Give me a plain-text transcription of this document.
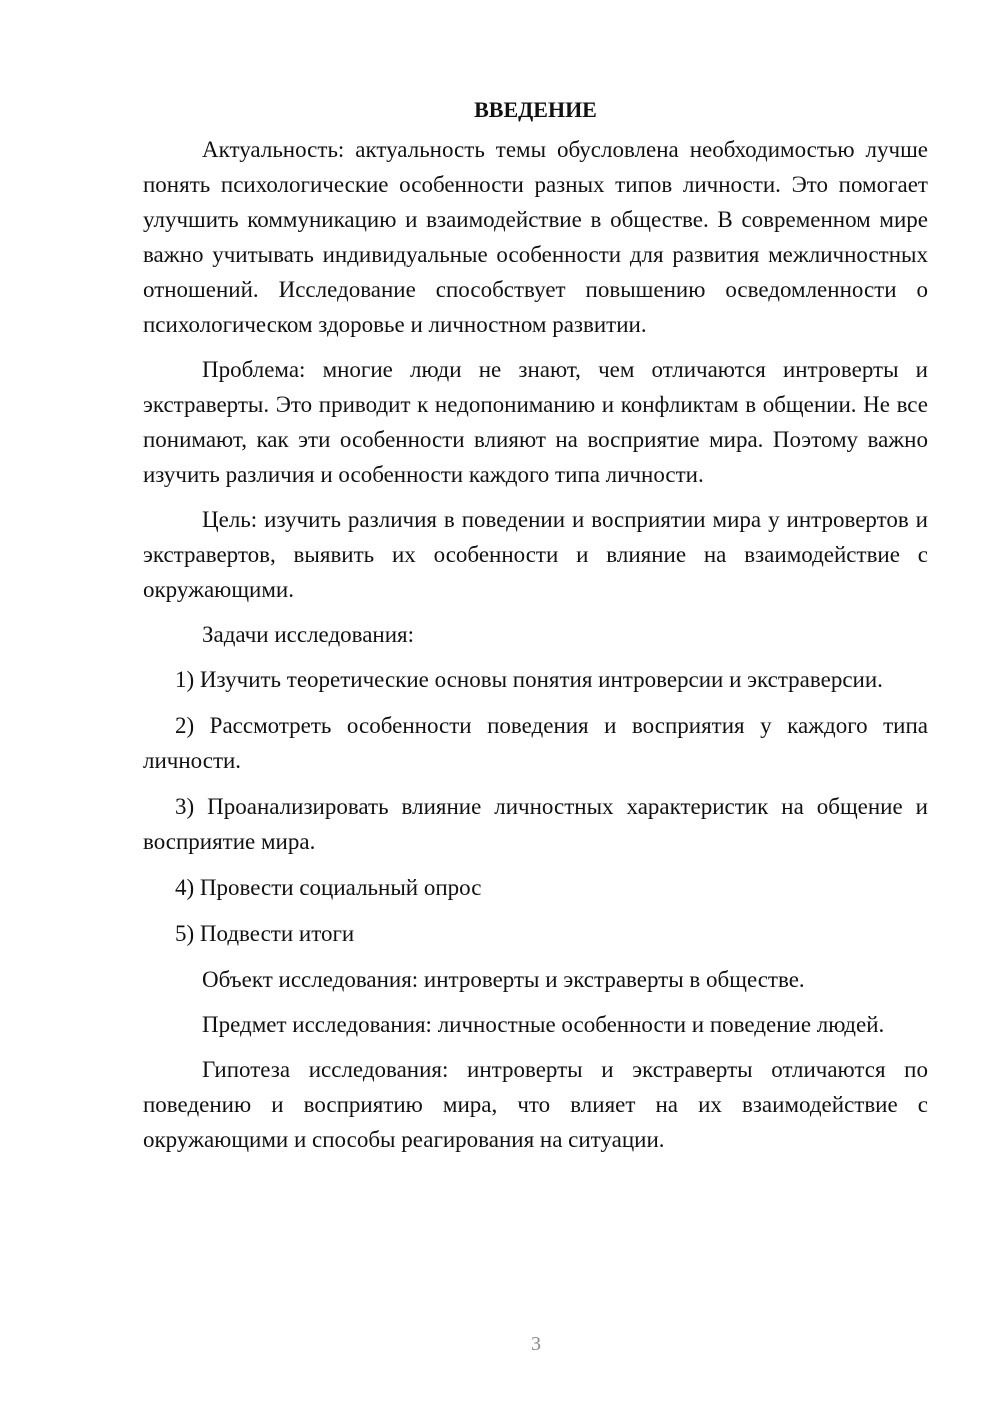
ВВЕДЕНИЕ

Актуальность: актуальность темы обусловлена необходимостью лучше понять психологические особенности разных типов личности. Это помогает улучшить коммуникацию и взаимодействие в обществе. В современном мире важно учитывать индивидуальные особенности для развития межличностных отношений. Исследование способствует повышению осведомленности о психологическом здоровье и личностном развитии.

Проблема: многие люди не знают, чем отличаются интроверты и экстраверты. Это приводит к недопониманию и конфликтам в общении. Не все понимают, как эти особенности влияют на восприятие мира. Поэтому важно изучить различия и особенности каждого типа личности.

Цель: изучить различия в поведении и восприятии мира у интровертов и экстравертов, выявить их особенности и влияние на взаимодействие с окружающими.

Задачи исследования:

1) Изучить теоретические основы понятия интроверсии и экстраверсии.

2) Рассмотреть особенности поведения и восприятия у каждого типа личности.

3) Проанализировать влияние личностных характеристик на общение и восприятие мира.

4) Провести социальный опрос

5) Подвести итоги

Объект исследования: интроверты и экстраверты в обществе.

Предмет исследования: личностные особенности и поведение людей.

Гипотеза исследования: интроверты и экстраверты отличаются по поведению и восприятию мира, что влияет на их взаимодействие с окружающими и способы реагирования на ситуации.

3
